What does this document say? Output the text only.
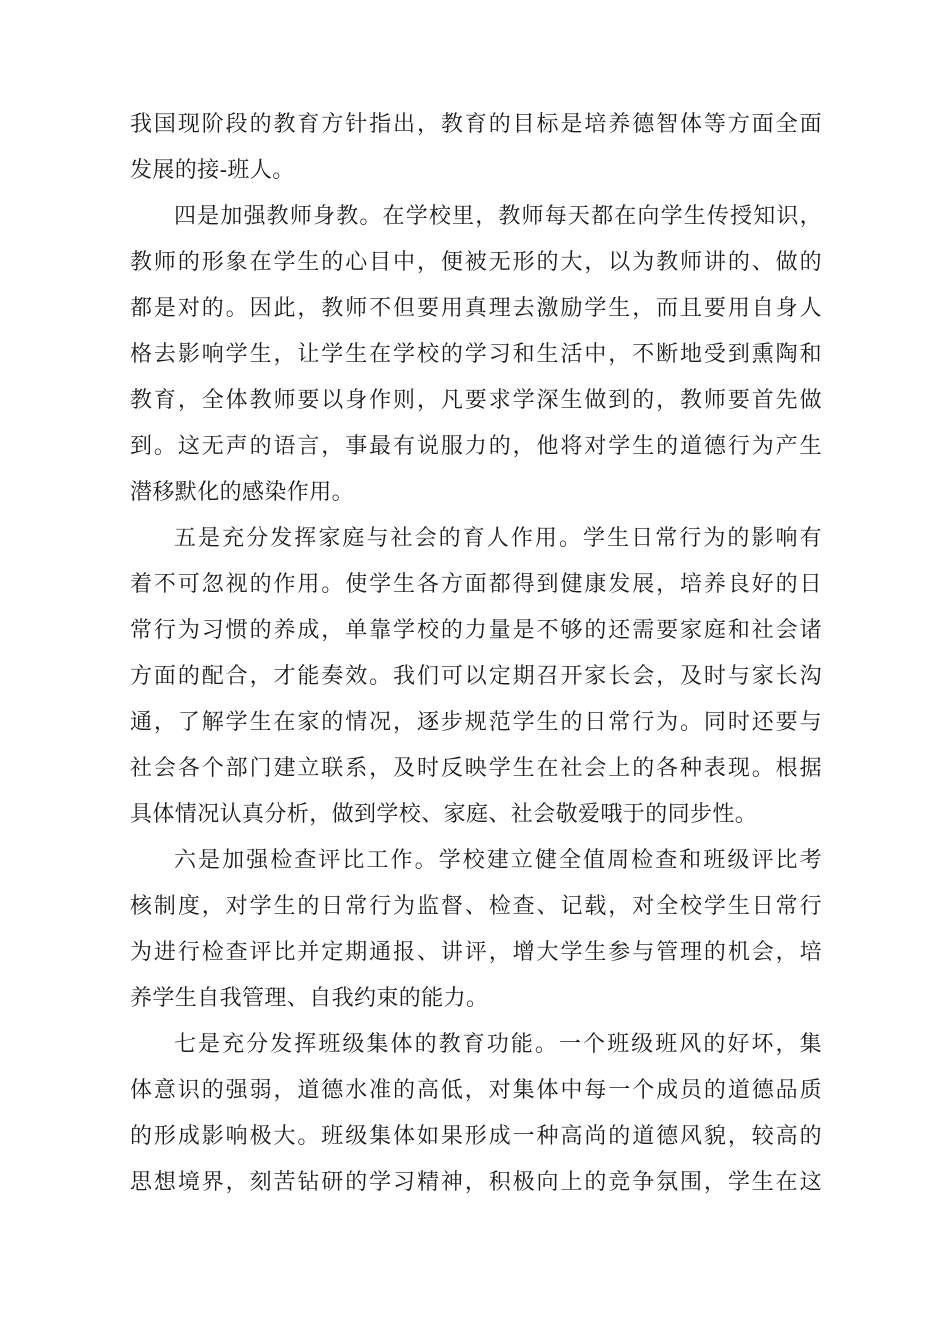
我国现阶段的教育方针指出，教育的目标是培养德智体等方面全面
发展的接-班人。
四是加强教师身教。在学校里，教师每天都在向学生传授知识，
教师的形象在学生的心目中，便被无形的大，以为教师讲的、做的
都是对的。因此，教师不但要用真理去激励学生，而且要用自身人
格去影响学生，让学生在学校的学习和生活中，不断地受到熏陶和
教育，全体教师要以身作则，凡要求学深生做到的，教师要首先做
到。这无声的语言，事最有说服力的，他将对学生的道德行为产生
潜移默化的感染作用。
五是充分发挥家庭与社会的育人作用。学生日常行为的影响有
着不可忽视的作用。使学生各方面都得到健康发展，培养良好的日
常行为习惯的养成，单靠学校的力量是不够的还需要家庭和社会诸
方面的配合，才能奏效。我们可以定期召开家长会，及时与家长沟
通，了解学生在家的情况，逐步规范学生的日常行为。同时还要与
社会各个部门建立联系，及时反映学生在社会上的各种表现。根据
具体情况认真分析，做到学校、家庭、社会敬爱哦于的同步性。
六是加强检查评比工作。学校建立健全值周检查和班级评比考
核制度，对学生的日常行为监督、检查、记载，对全校学生日常行
为进行检查评比并定期通报、讲评，增大学生参与管理的机会，培
养学生自我管理、自我约束的能力。
七是充分发挥班级集体的教育功能。一个班级班风的好坏，集
体意识的强弱，道德水准的高低，对集体中每一个成员的道德品质
的形成影响极大。班级集体如果形成一种高尚的道德风貌，较高的
思想境界，刻苦钻研的学习精神，积极向上的竞争氛围，学生在这
